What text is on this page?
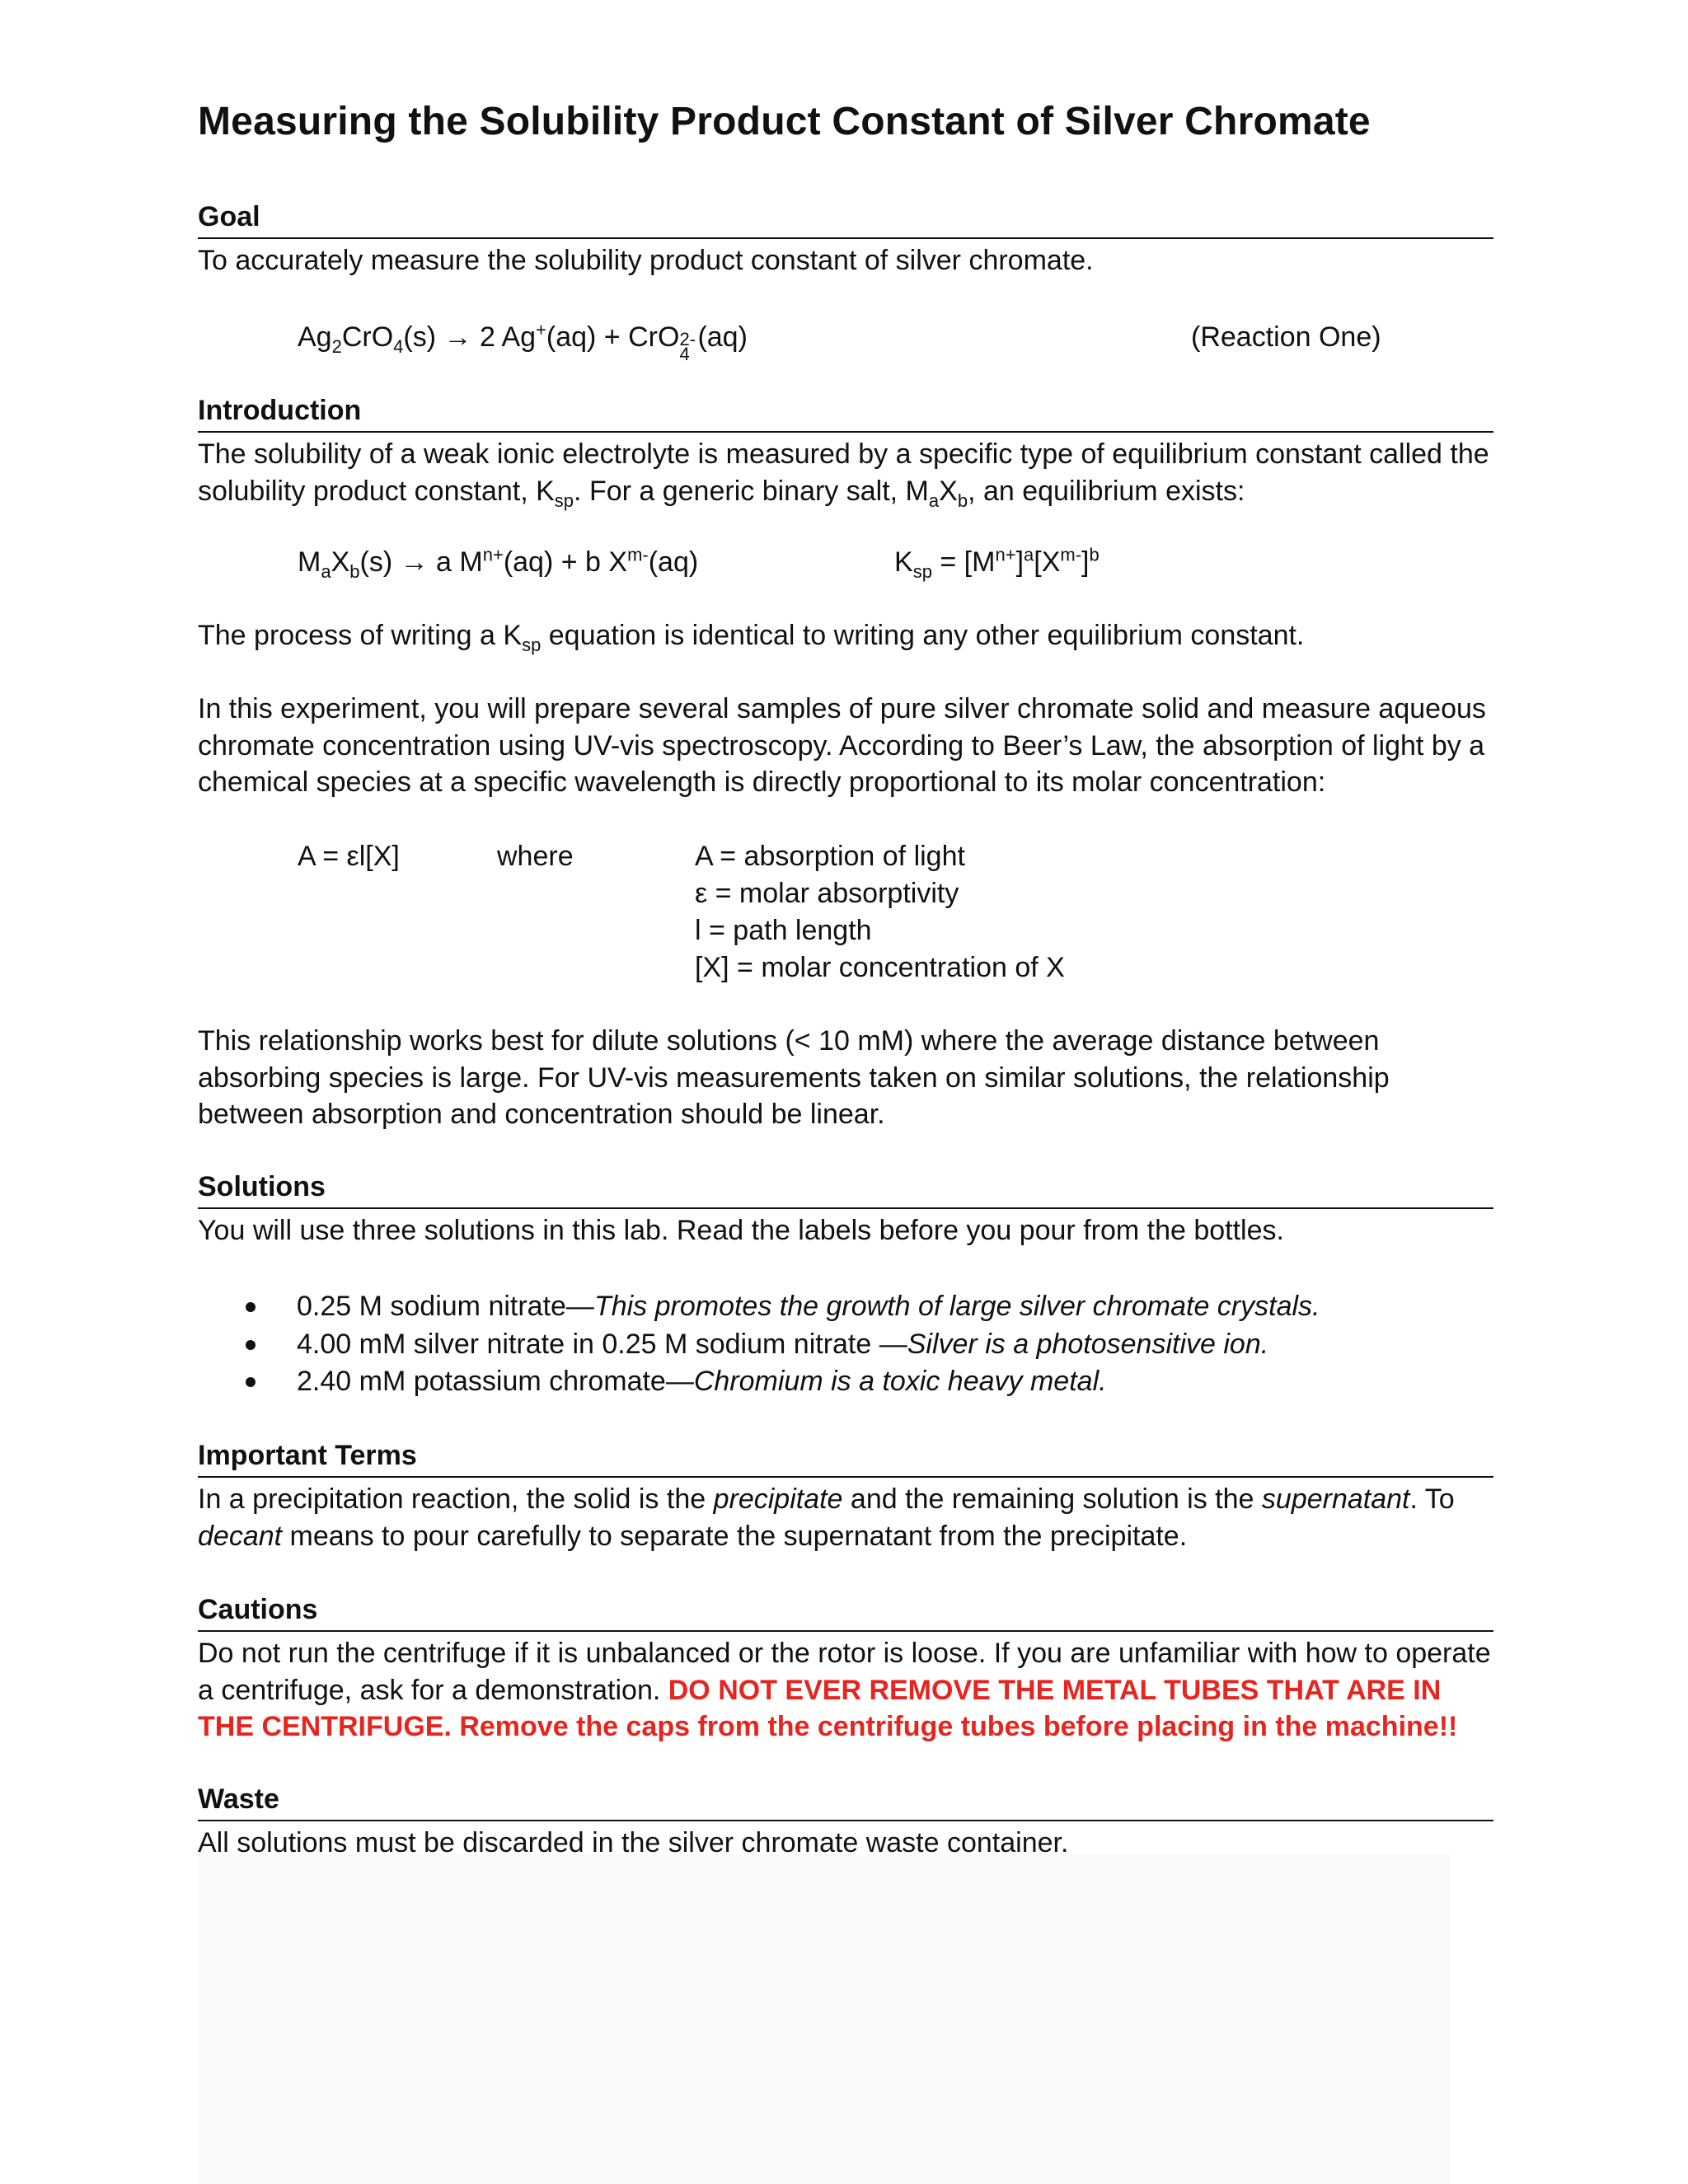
Measuring the Solubility Product Constant of Silver Chromate
Goal

To accurately measure the solubility product constant of silver chromate.

$Ag_2CrO_4(s) \to 2$ Ag+(aq) + CrO
4
2- (aq)	(Reaction One)
Introduction

The solubility of a weak ionic electrolyte is measured by a specific type of equilibrium constant called the solubility product constant, $K_{sp}$. For a generic binary salt, $M_aX_b$, an equilibrium exists:

$M_aX_b(s) \to a$ $M^{n+}(aq) + b$ $X^{m-}(aq)$	$K_{sp} = [M^{n+}]^a[X^{m-}]^b$

The process of writing a $K_{sp}$ equation is identical to writing any other equilibrium constant.

In this experiment, you will prepare several samples of pure silver chromate solid and measure aqueous chromate concentration using UV-vis spectroscopy. According to Beer’s Law, the absorption of light by a chemical species at a specific wavelength is directly proportional to its molar concentration:

A = εl[X]	where	A = absorption of light
ε = molar absorptivity
l = path length
[X] = molar concentration of X

This relationship works best for dilute solutions (< 10 mM) where the average distance between absorbing species is large. For UV-vis measurements taken on similar solutions, the relationship between absorption and concentration should be linear.

Solutions

You will use three solutions in this lab. Read the labels before you pour from the bottles.

0.25 M sodium nitrate—This promotes the growth of large silver chromate crystals.
4.00 mM silver nitrate in 0.25 M sodium nitrate —Silver is a photosensitive ion.
2.40 mM potassium chromate—Chromium is a toxic heavy metal.
Important Terms

In a precipitation reaction, the solid is the precipitate and the remaining solution is the supernatant. To decant means to pour carefully to separate the supernatant from the precipitate.

Cautions

Do not run the centrifuge if it is unbalanced or the rotor is loose. If you are unfamiliar with how to operate a centrifuge, ask for a demonstration. DO NOT EVER REMOVE THE METAL TUBES THAT ARE IN THE CENTRIFUGE. Remove the caps from the centrifuge tubes before placing in the machine!!

Waste

All solutions must be discarded in the silver chromate waste container.
